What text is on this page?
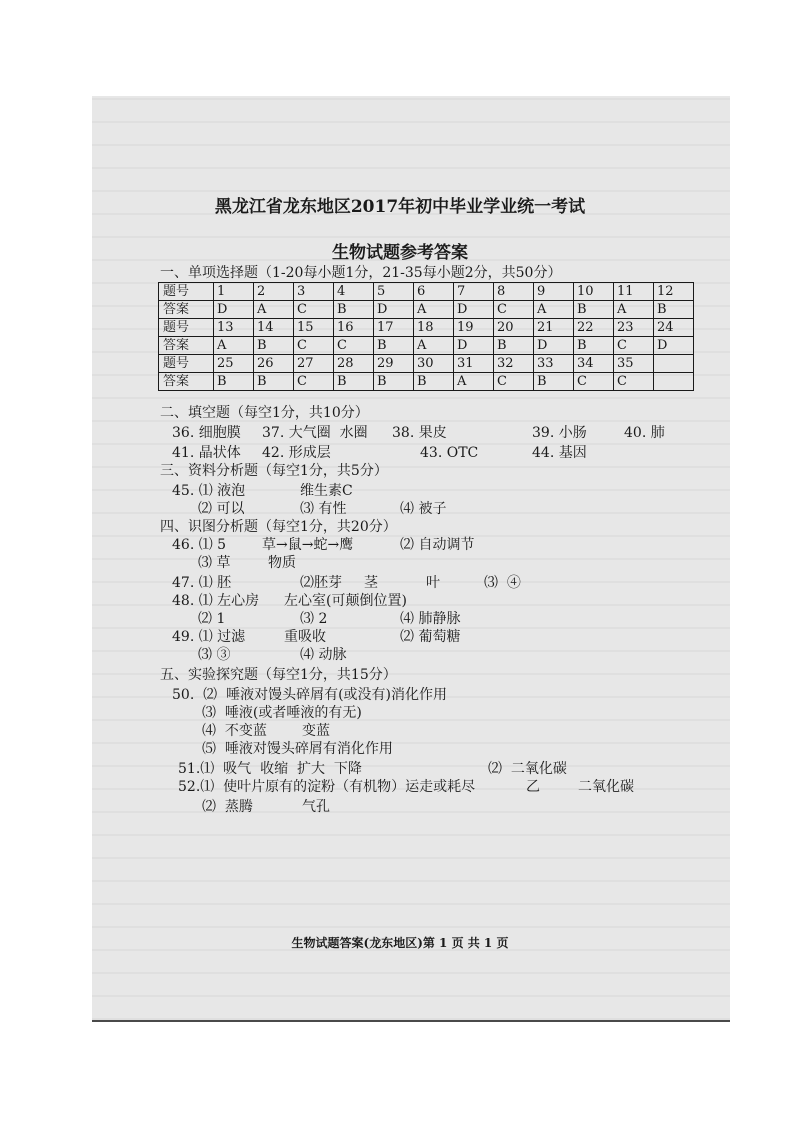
黑龙江省龙东地区2017年初中毕业学业统一考试
生物试题参考答案
一、单项选择题（1-20每小题1分，21-35每小题2分，共50分）
题号	1	2	3	4	5	6	7	8	9	10	11	12
答案	D	A	C	B	D	A	D	C	A	B	A	B
题号	13	14	15	16	17	18	19	20	21	22	23	24
答案	A	B	C	C	B	A	D	B	D	B	C	D
题号	25	26	27	28	29	30	31	32	33	34	35	
答案	B	B	C	B	B	B	A	C	B	C	C	
二、填空题（每空1分，共10分）
36. 细胞膜 37. 大气圈  水圈 38. 果皮	39. 小肠	40. 肺
41. 晶状体 42. 形成层	43. OTC	44. 基因
三、资料分析题（每空1分，共5分）
45. ⑴ 液泡	维生素C
⑵ 可以	⑶ 有性	⑷ 被子
四、识图分析题（每空1分，共20分）
46. ⑴ 5	草→鼠→蛇→鹰	⑵ 自动调节
⑶ 草	物质
47. ⑴ 胚	⑵胚芽 茎	叶	⑶  ④
48. ⑴ 左心房 左心室(可颠倒位置)
⑵ 1	⑶ 2	⑷ 肺静脉
49. ⑴ 过滤	重吸收	⑵ 葡萄糖
⑶ ③	⑷ 动脉
五、实验探究题（每空1分，共15分）
50.  ⑵  唾液对馒头碎屑有(或没有)消化作用
⑶  唾液(或者唾液的有无)
⑷  不变蓝	变蓝
⑸  唾液对馒头碎屑有消化作用
51.⑴  吸气  收缩  扩大  下降	⑵  二氧化碳
52.⑴  使叶片原有的淀粉（有机物）运走或耗尽	乙	二氧化碳
⑵  蒸腾	气孔
生物试题答案(龙东地区)第 1 页 共 1 页
